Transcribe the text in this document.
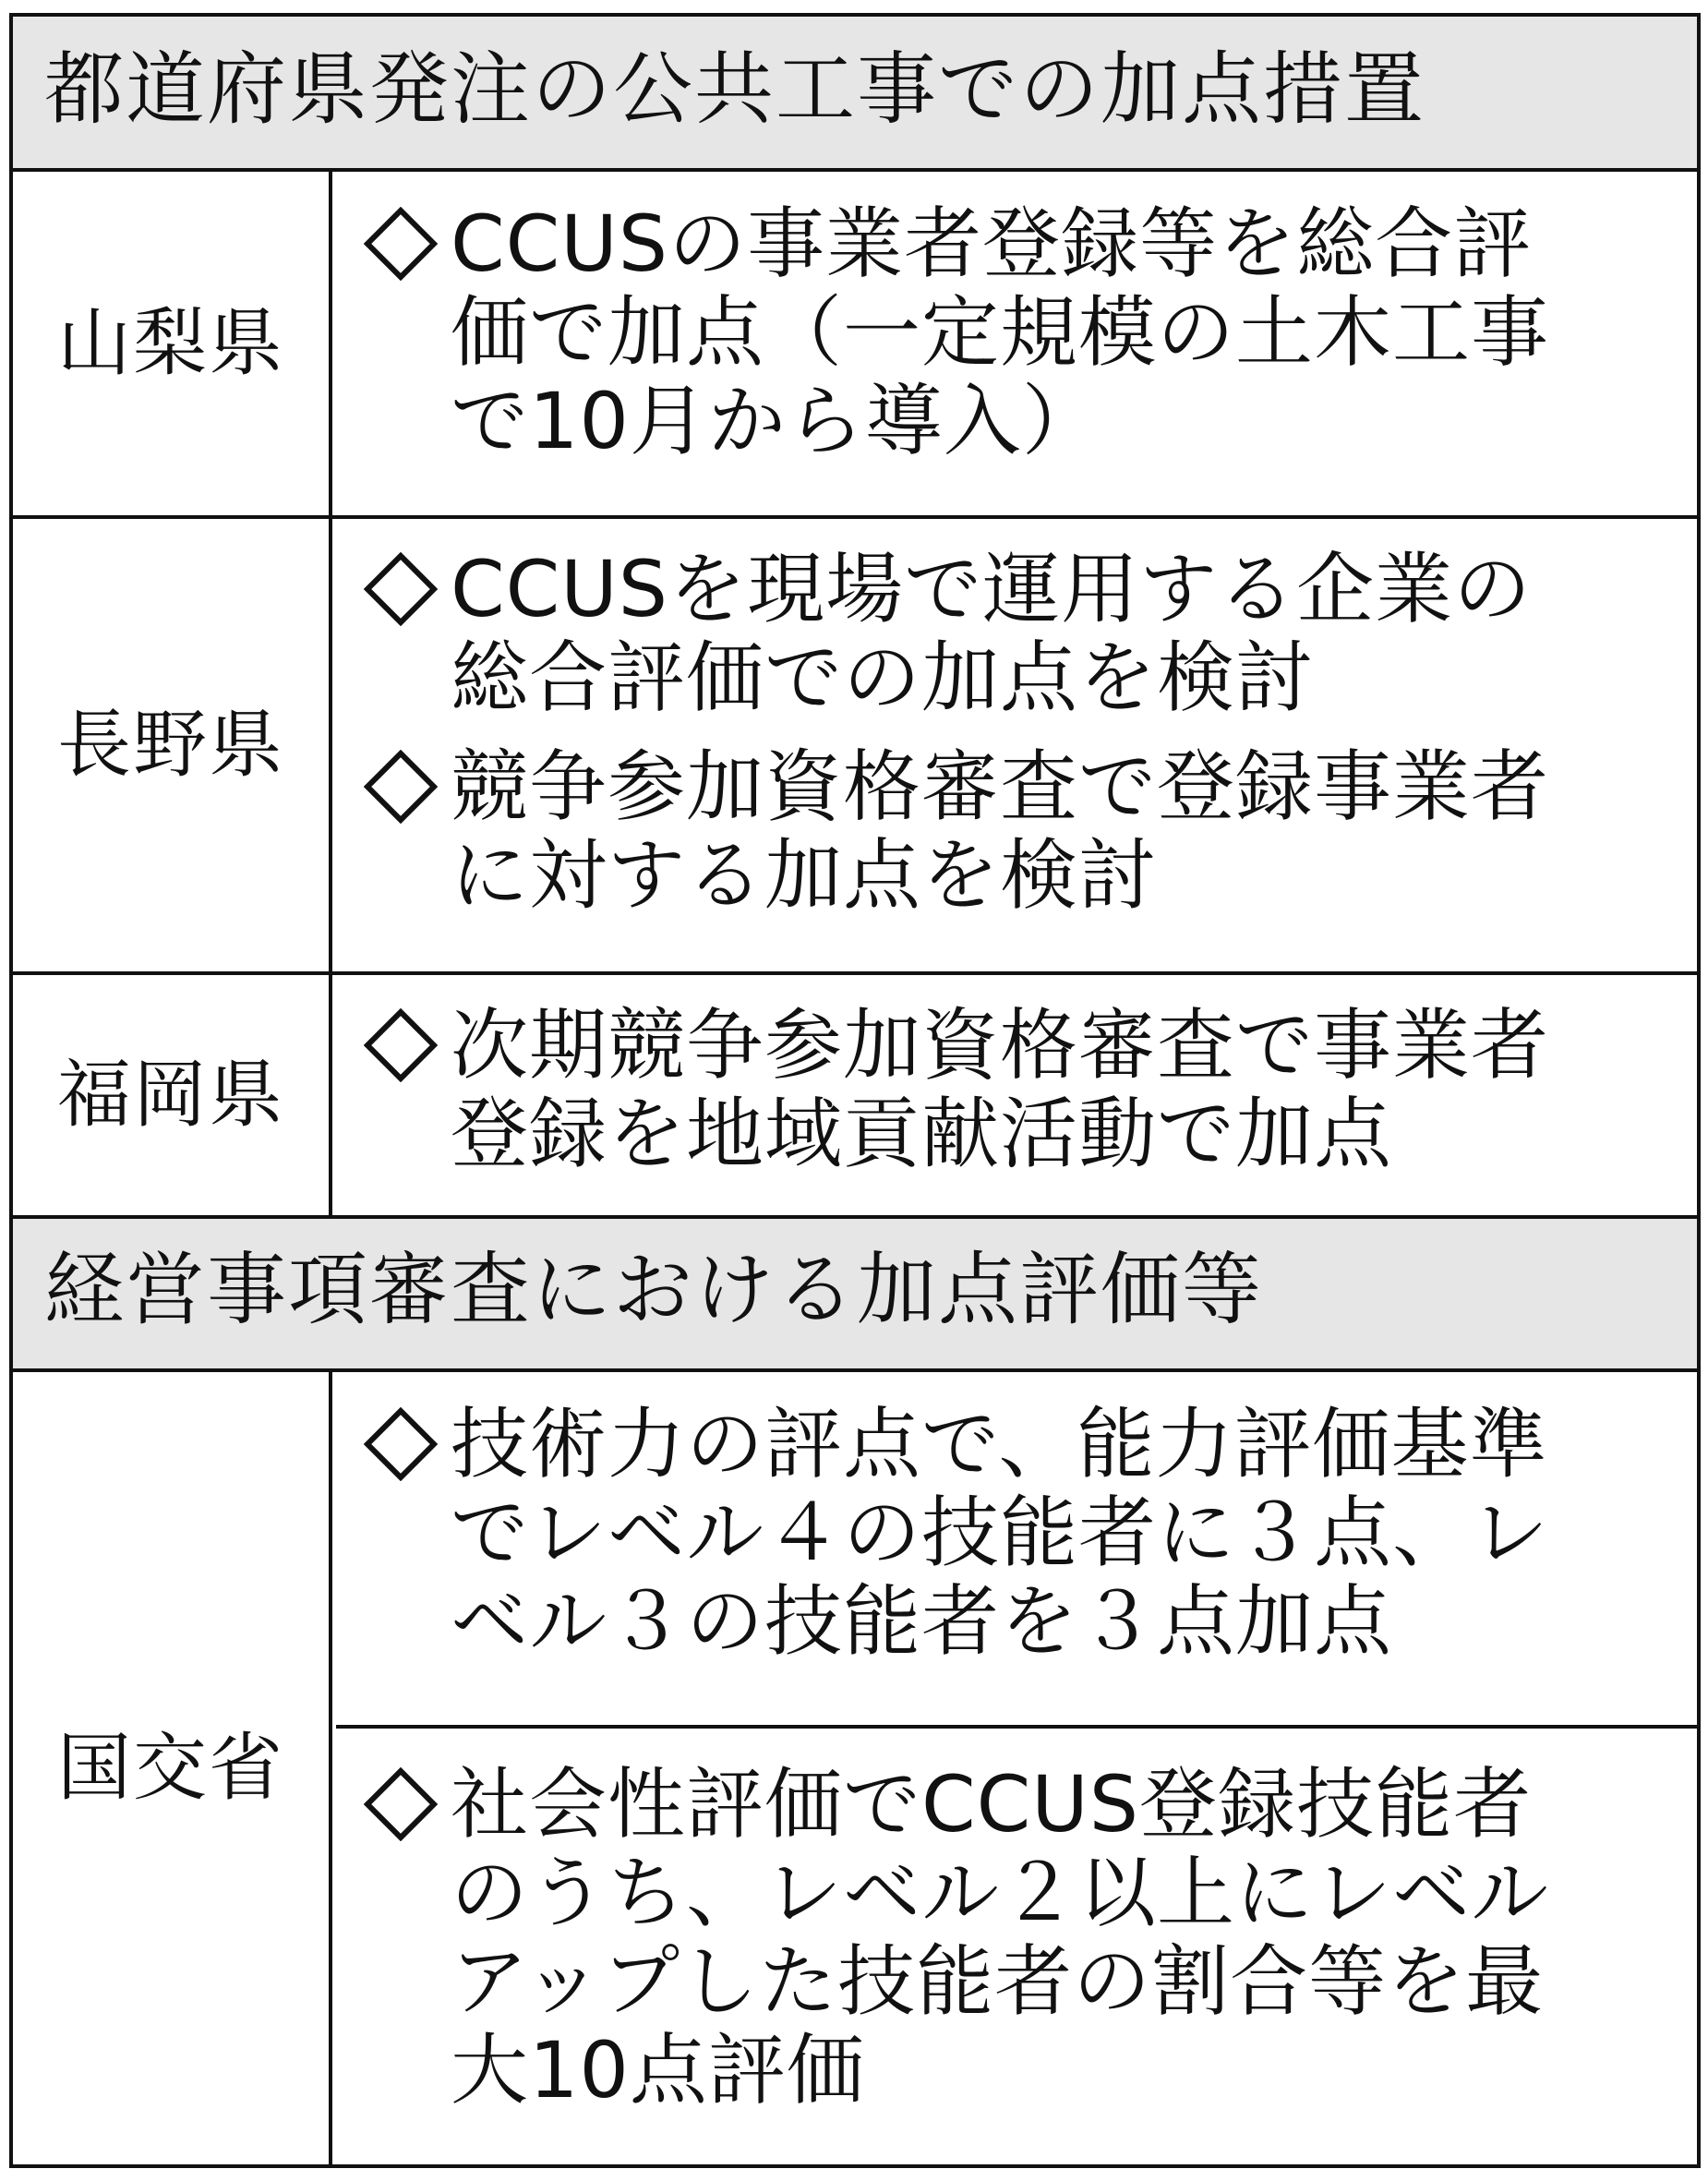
都道府県発注の公共工事での加点措置
山梨県
CCUSの事業者登録等を総合評
価で加点（一定規模の土木工事
で10月から導入）
長野県
CCUSを現場で運用する企業の
総合評価での加点を検討
競争参加資格審査で登録事業者
に対する加点を検討
福岡県
次期競争参加資格審査で事業者
登録を地域貢献活動で加点
経営事項審査における加点評価等
国交省
技術力の評点で、能力評価基準
でレベル４の技能者に３点、レ
ベル３の技能者を３点加点
社会性評価でCCUS登録技能者
のうち、レベル２以上にレベル
アップした技能者の割合等を最
大10点評価
